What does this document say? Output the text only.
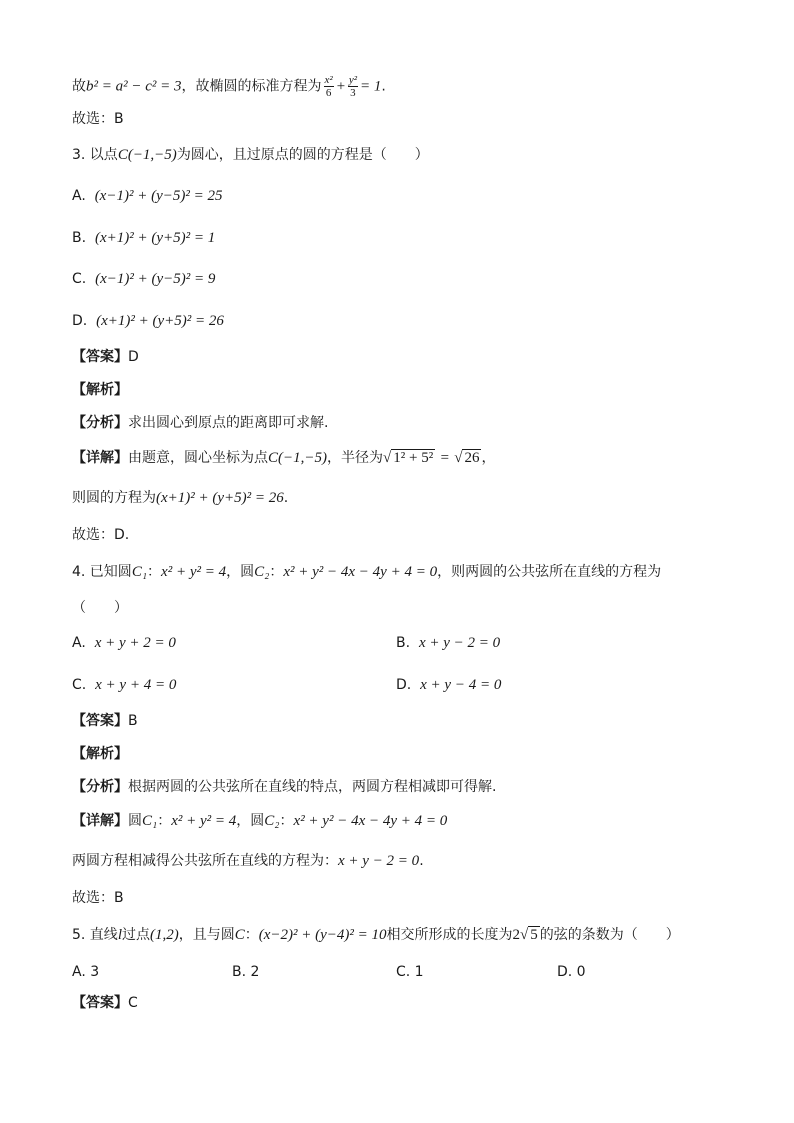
故b² = a² − c² = 3，故椭圆的标准方程为 $\frac{\text{x²}}{6} + \frac{\text{y²}}{3} = 1$.
故选：B
3. 以点C(−1,−5)为圆心，且过原点的圆的方程是（　　）
A. (x−1)² + (y−5)² = 25
B. (x+1)² + (y+5)² = 1
C. (x−1)² + (y−5)² = 9
D. (x+1)² + (y+5)² = 26
【答案】D
【解析】
【分析】求出圆心到原点的距离即可求解.
【详解】由题意，圆心坐标为点C(−1,−5)，半径为√ 1² + 5² = √ 26 ，
则圆的方程为(x+1)² + (y+5)² = 26.
故选：D.
4. 已知圆C₁：x² + y² = 4，圆C₂：x² + y² − 4x − 4y + 4 = 0，则两圆的公共弦所在直线的方程为
（　　）
A. x + y + 2 = 0	B. x + y − 2 = 0
C. x + y + 4 = 0	D. x + y − 4 = 0
【答案】B
【解析】
【分析】根据两圆的公共弦所在直线的特点，两圆方程相减即可得解.
【详解】圆C₁：x² + y² = 4，圆C₂：x² + y² − 4x − 4y + 4 = 0
两圆方程相减得公共弦所在直线的方程为：x + y − 2 = 0.
故选：B
5. 直线l过点(1,2)，且与圆C：(x−2)² + (y−4)² = 10相交所形成的长度为2√ 5 的弦的条数为（　　）
A. 3	B. 2	C. 1	D. 0
【答案】C
